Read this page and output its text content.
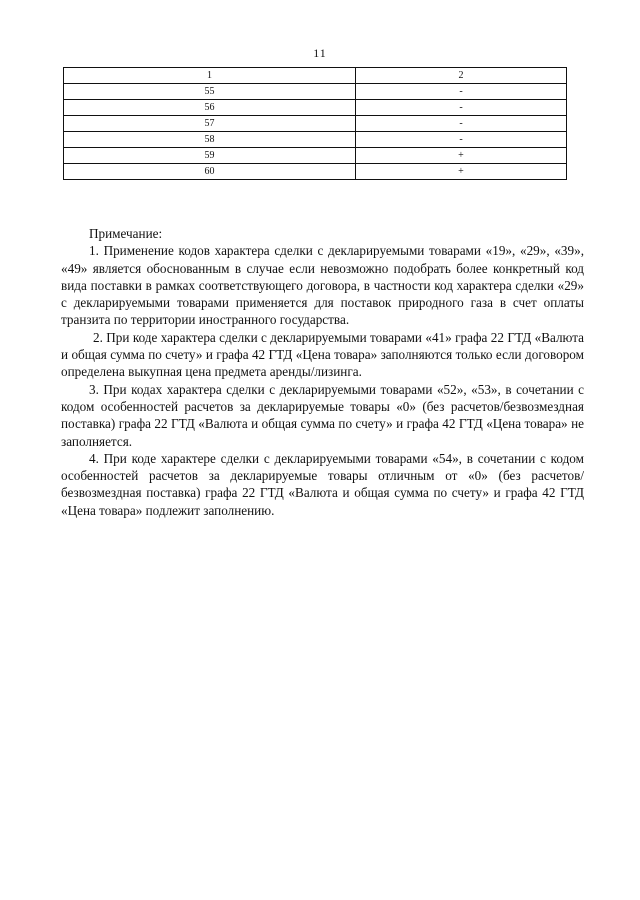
11
1	2
55	-
56	-
57	-
58	-
59	+
60	+

Примечание:

1. Применение кодов характера сделки с декларируемыми товарами «19», «29», «39», «49» является обоснованным в случае если невозможно подобрать более конкретный код вида поставки в рамках соответствующего договора, в частности код характера сделки «29» с декларируемыми товарами применяется для поставок природного газа в счет оплаты транзита по территории иностранного государства.

2. При коде характера сделки с декларируемыми товарами «41» графа 22 ГТД «Валюта и общая сумма по счету» и графа 42 ГТД «Цена товара» заполняются только если договором определена выкупная цена предмета аренды/лизинга.

3. При кодах характера сделки с декларируемыми товарами «52», «53», в сочетании с кодом особенностей расчетов за декларируемые товары «0» (без расчетов/безвозмездная поставка) графа 22 ГТД «Валюта и общая сумма по счету» и графа 42 ГТД «Цена товара» не заполняется.

4. При коде характере сделки с декларируемыми товарами «54», в сочетании с кодом особенностей расчетов за декларируемые товары отличным от «0» (без расчетов/безвозмездная поставка) графа 22 ГТД «Валюта и общая сумма по счету» и графа 42 ГТД «Цена товара» подлежит заполнению.
